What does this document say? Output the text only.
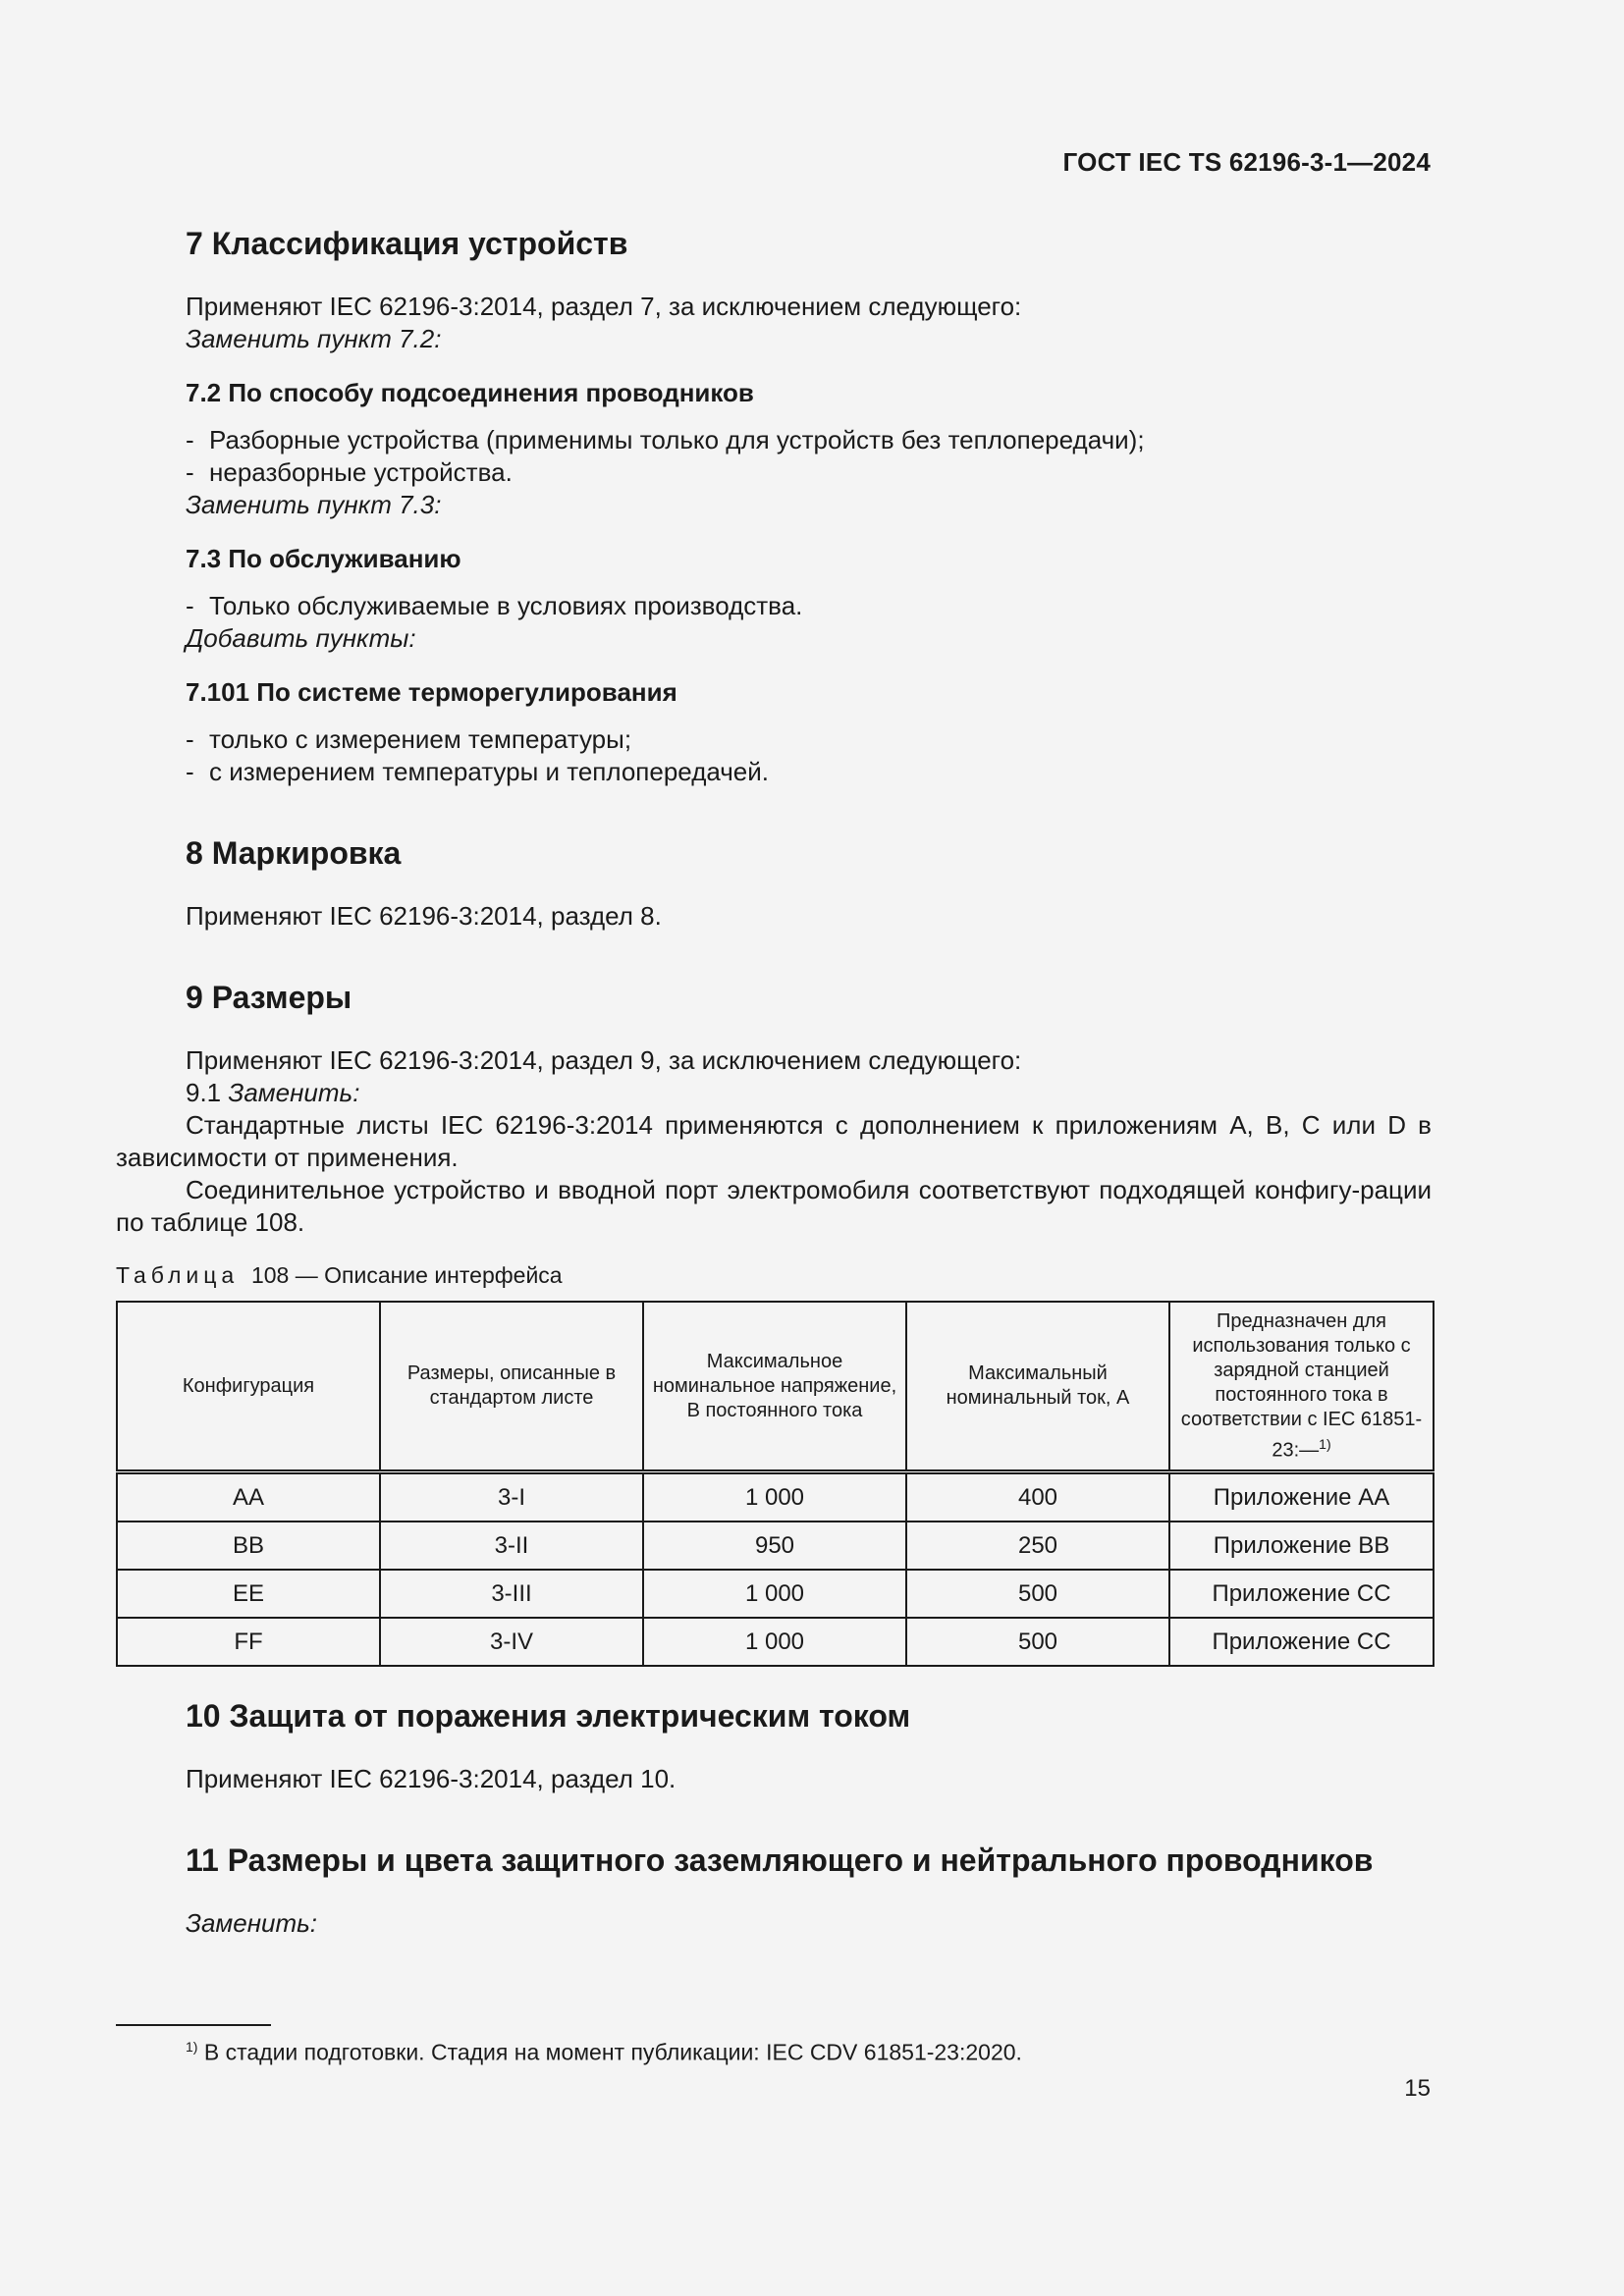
ГОСТ IEC TS 62196-3-1—2024
7 Классификация устройств

Применяют IEC 62196-3:2014, раздел 7, за исключением следующего:

Заменить пункт 7.2:

7.2 По способу подсоединения проводников
- Разборные устройства (применимы только для устройств без теплопередачи);
- неразборные устройства.

Заменить пункт 7.3:

7.3 По обслуживанию
- Только обслуживаемые в условиях производства.

Добавить пункты:

7.101 По системе терморегулирования
- только с измерением температуры;
- с измерением температуры и теплопередачей.
8 Маркировка

Применяют IEC 62196-3:2014, раздел 8.

9 Размеры

Применяют IEC 62196-3:2014, раздел 9, за исключением следующего:

9.1 Заменить:

Стандартные листы IEC 62196-3:2014 применяются с дополнением к приложениям A, B, C или D в зависимости от применения.

Соединительное устройство и вводной порт электромобиля соответствуют подходящей конфигу-рации по таблице 108.

Таблица 108 — Описание интерфейса
Конфигурация	Размеры, описанные в стандартом листе	Максимальное номинальное напряжение, В постоянного тока	Максимальный номинальный ток, А	Предназначен для использования только с зарядной станцией постоянного тока в соответствии с IEC 61851-23:—$^{1)}$
AA	3-I	1 000	400	Приложение AA
BB	3-II	950	250	Приложение BB
EE	3-III	1 000	500	Приложение CC
FF	3-IV	1 000	500	Приложение CC
10 Защита от поражения электрическим током

Применяют IEC 62196-3:2014, раздел 10.

11 Размеры и цвета защитного заземляющего и нейтрального проводников

Заменить:

$^{1)}$ В стадии подготовки. Стадия на момент публикации: IEC CDV 61851-23:2020.
15
